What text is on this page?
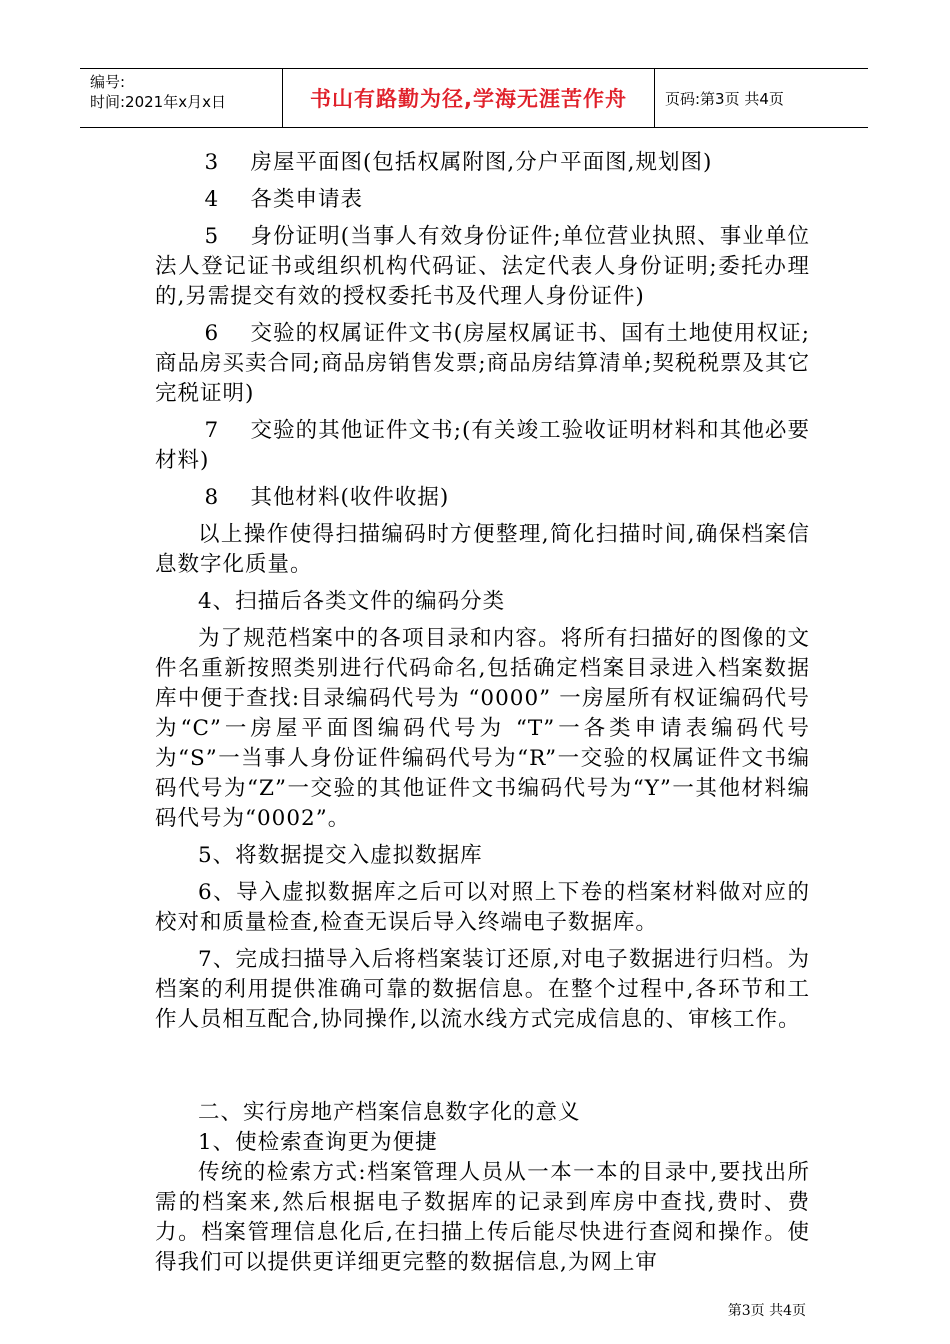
编号:
时间:2021年x月x日	书山有路勤为径,学海无涯苦作舟	页码:第3页 共4页

3 房屋平面图(包括权属附图,分户平面图,规划图)

4 各类申请表

5 身份证明(当事人有效身份证件;单位营业执照、事业单位法人登记证书或组织机构代码证、法定代表人身份证明;委托办理的,另需提交有效的授权委托书及代理人身份证件)

6 交验的权属证件文书(房屋权属证书、国有土地使用权证;商品房买卖合同;商品房销售发票;商品房结算清单;契税税票及其它完税证明)

7 交验的其他证件文书;(有关竣工验收证明材料和其他必要材料)

8 其他材料(收件收据)

以上操作使得扫描编码时方便整理,简化扫描时间,确保档案信息数字化质量。

4、扫描后各类文件的编码分类

为了规范档案中的各项目录和内容。将所有扫描好的图像的文件名重新按照类别进行代码命名,包括确定档案目录进入档案数据库中便于查找:目录编码代号为 “0000” 一房屋所有权证编码代号为“C”一房屋平面图编码代号为 “T”一各类申请表编码代号为“S”一当事人身份证件编码代号为“R”一交验的权属证件文书编码代号为“Z”一交验的其他证件文书编码代号为“Y”一其他材料编码代号为“0002”。

5、将数据提交入虚拟数据库

6、导入虚拟数据库之后可以对照上下卷的档案材料做对应的校对和质量检查,检查无误后导入终端电子数据库。

7、完成扫描导入后将档案装订还原,对电子数据进行归档。为档案的利用提供准确可靠的数据信息。在整个过程中,各环节和工作人员相互配合,协同操作,以流水线方式完成信息的、审核工作。

二、实行房地产档案信息数字化的意义

1、使检索查询更为便捷

传统的检索方式:档案管理人员从一本一本的目录中,要找出所需的档案来,然后根据电子数据库的记录到库房中查找,费时、费力。档案管理信息化后,在扫描上传后能尽快进行查阅和操作。使得我们可以提供更详细更完整的数据信息,为网上审

第3页 共4页
